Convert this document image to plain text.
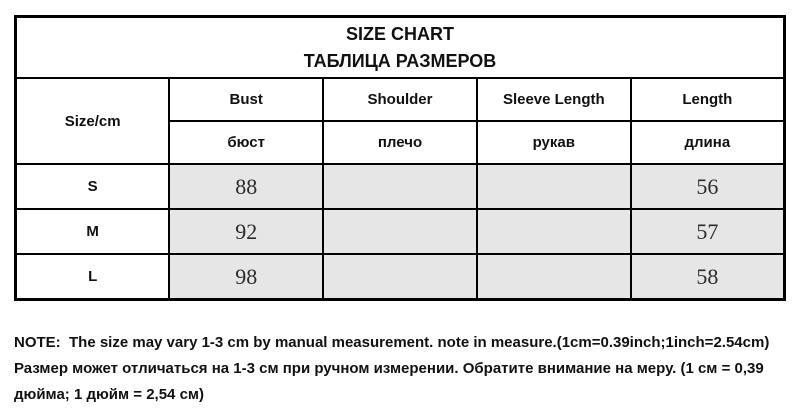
SIZE CHART
ТАБЛИЦА РАЗМЕРОВ				

Size/cm	Bust	Shoulder	Sleeve Length	Length
	бюст	плечо	рукав	длина
S	88			56
M	92			57
L	98			58
NOTE:  The size may vary 1-3 cm by manual measurement. note in measure.(1cm=0.39inch;1inch=2.54cm)
Размер может отличаться на 1-3 см при ручном измерении. Обратите внимание на меру. (1 см = 0,39
дюйма; 1 дюйм = 2,54 см)
